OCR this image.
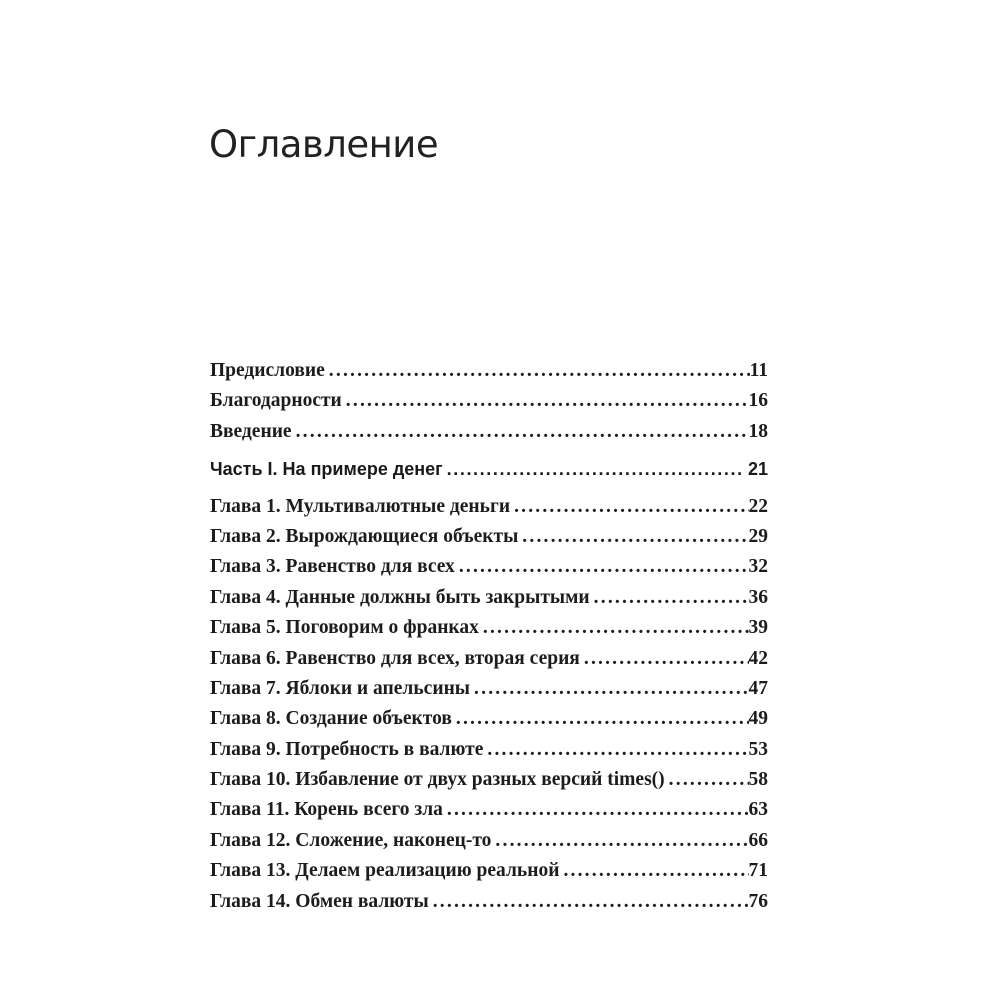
Оглавление
Предисловие .....	11
Благодарности .....	16
Введение .....	18
Часть I. На примере денег .....	21
Глава 1. Мультивалютные деньги .....	22
Глава 2. Вырождающиеся объекты .....	29
Глава 3. Равенство для всех .....	32
Глава 4. Данные должны быть закрытыми .....	36
Глава 5. Поговорим о франках .....	39
Глава 6. Равенство для всех, вторая серия .....	42
Глава 7. Яблоки и апельсины .....	47
Глава 8. Создание объектов .....	49
Глава 9. Потребность в валюте .....	53
Глава 10. Избавление от двух разных версий times() .....	58
Глава 11. Корень всего зла .....	63
Глава 12. Сложение, наконец-то .....	66
Глава 13. Делаем реализацию реальной .....	71
Глава 14. Обмен валюты .....	76
